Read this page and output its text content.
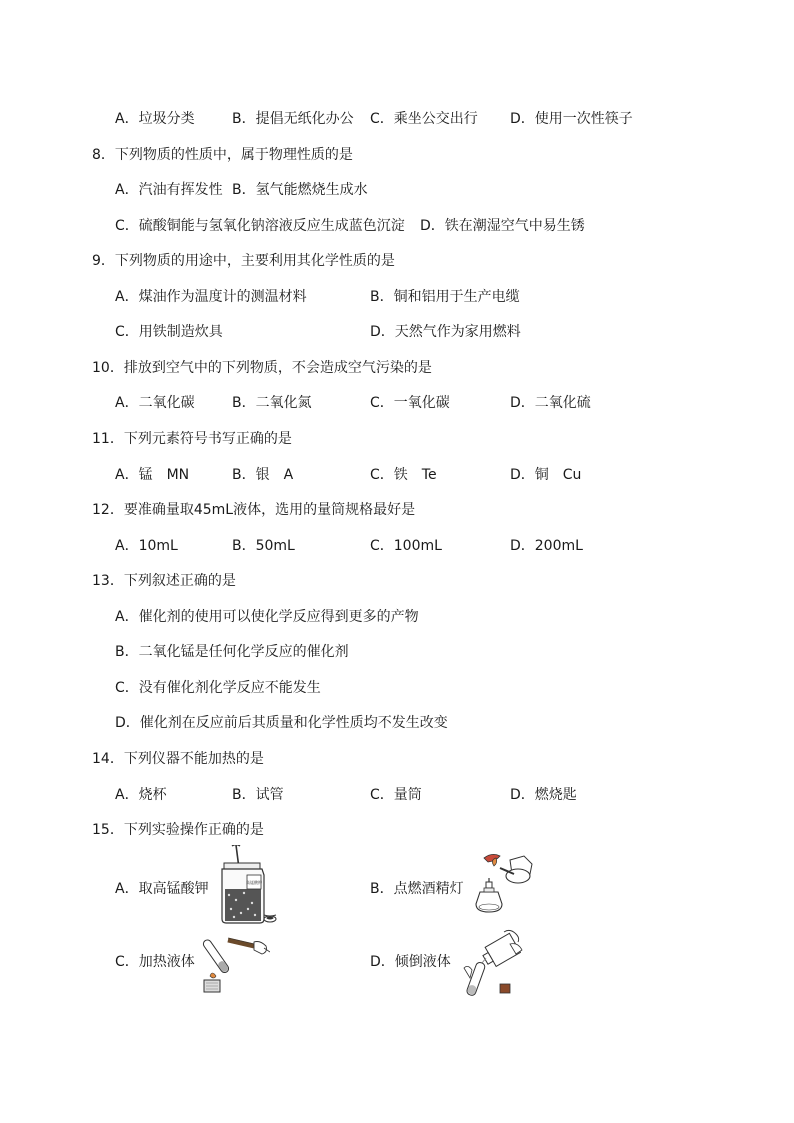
A．垃圾分类	B．提倡无纸化办公 C．乘坐公交出行 D．使用一次性筷子
8．下列物质的性质中，属于物理性质的是
A．汽油有挥发性 B．氢气能燃烧生成水
C．硫酸铜能与氢氧化钠溶液反应生成蓝色沉淀 D．铁在潮湿空气中易生锈
9．下列物质的用途中，主要利用其化学性质的是
A．煤油作为温度计的测温材料	B．铜和铝用于生产电缆
C．用铁制造炊具	D．天然气作为家用燃料
10．排放到空气中的下列物质，不会造成空气污染的是
A．二氧化碳	B．二氧化氮	C．一氧化碳	D．二氧化硫
11．下列元素符号书写正确的是
A．锰　MN	B．银　A	C．铁　Te	D．铜　Cu
12．要准确量取45mL液体，选用的量筒规格最好是
A．10mL	B．50mL	C．100mL	D．200mL
13．下列叙述正确的是
A．催化剂的使用可以使化学反应得到更多的产物
B．二氧化锰是任何化学反应的催化剂
C．没有催化剂化学反应不能发生
D．催化剂在反应前后其质量和化学性质均不发生改变
14．下列仪器不能加热的是
A．烧杯	B．试管	C．量筒	D．燃烧匙
15．下列实验操作正确的是
A．取高锰酸钾	B．点燃酒精灯
C．加热液体	D．倾倒液体
高锰酸钾
